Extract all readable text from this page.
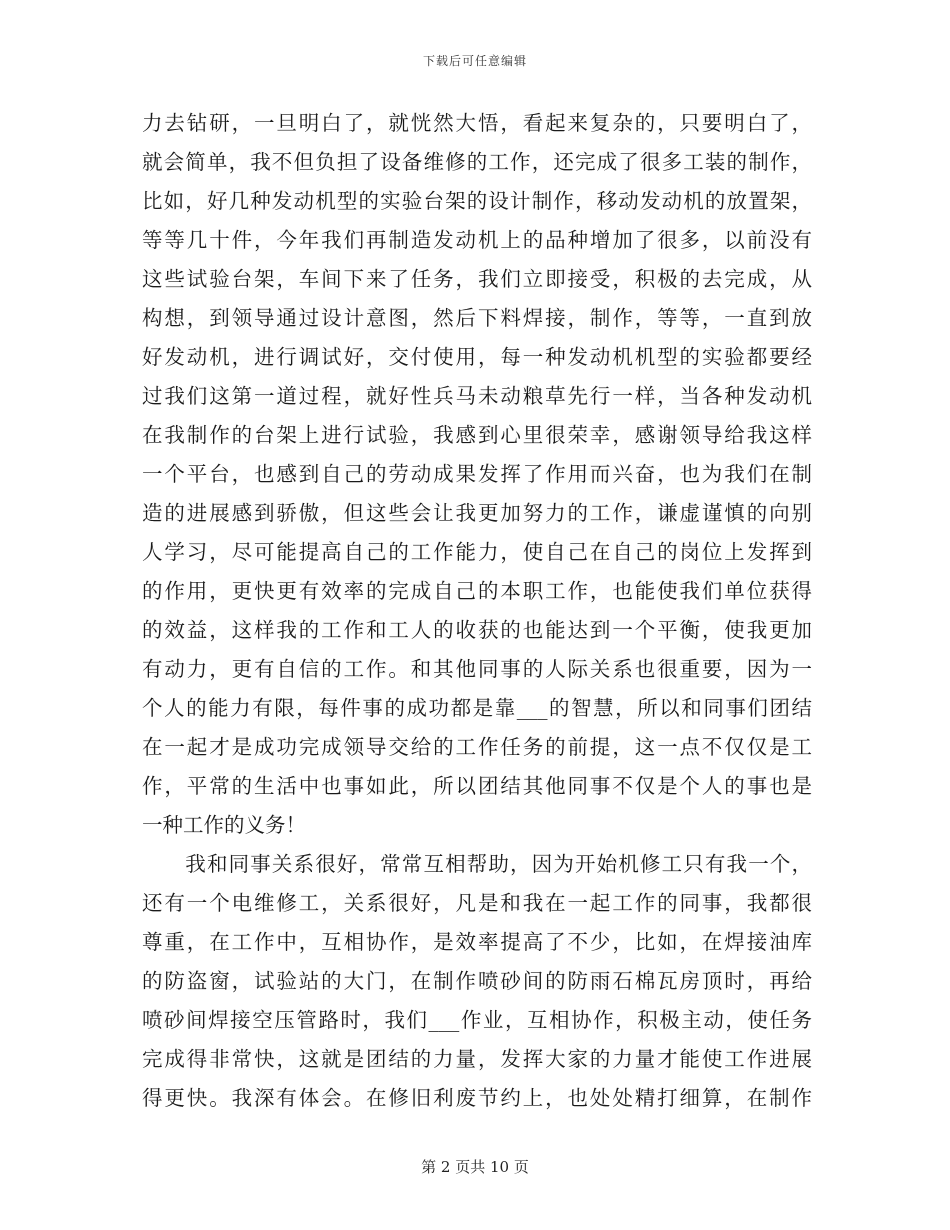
下载后可任意编辑
力去钻研，一旦明白了，就恍然大悟，看起来复杂的，只要明白了，
就会简单，我不但负担了设备维修的工作，还完成了很多工装的制作，
比如，好几种发动机型的实验台架的设计制作，移动发动机的放置架，
等等几十件，今年我们再制造发动机上的品种增加了很多，以前没有
这些试验台架，车间下来了任务，我们立即接受，积极的去完成，从
构想，到领导通过设计意图，然后下料焊接，制作，等等，一直到放
好发动机，进行调试好，交付使用，每一种发动机机型的实验都要经
过我们这第一道过程，就好性兵马未动粮草先行一样，当各种发动机
在我制作的台架上进行试验，我感到心里很荣幸，感谢领导给我这样
一个平台，也感到自己的劳动成果发挥了作用而兴奋，也为我们在制
造的进展感到骄傲，但这些会让我更加努力的工作，谦虚谨慎的向别
人学习，尽可能提高自己的工作能力，使自己在自己的岗位上发挥到
的作用，更快更有效率的完成自己的本职工作，也能使我们单位获得
的效益，这样我的工作和工人的收获的也能达到一个平衡，使我更加
有动力，更有自信的工作。和其他同事的人际关系也很重要，因为一
个人的能力有限，每件事的成功都是靠___的智慧，所以和同事们团结
在一起才是成功完成领导交给的工作任务的前提，这一点不仅仅是工
作，平常的生活中也事如此，所以团结其他同事不仅是个人的事也是
一种工作的义务！
　　我和同事关系很好，常常互相帮助，因为开始机修工只有我一个，
还有一个电维修工，关系很好，凡是和我在一起工作的同事，我都很
尊重，在工作中，互相协作，是效率提高了不少，比如，在焊接油库
的防盗窗，试验站的大门，在制作喷砂间的防雨石棉瓦房顶时，再给
喷砂间焊接空压管路时，我们___作业，互相协作，积极主动，使任务
完成得非常快，这就是团结的力量，发挥大家的力量才能使工作进展
得更快。我深有体会。在修旧利废节约上，也处处精打细算，在制作
第 2 页共 10 页
